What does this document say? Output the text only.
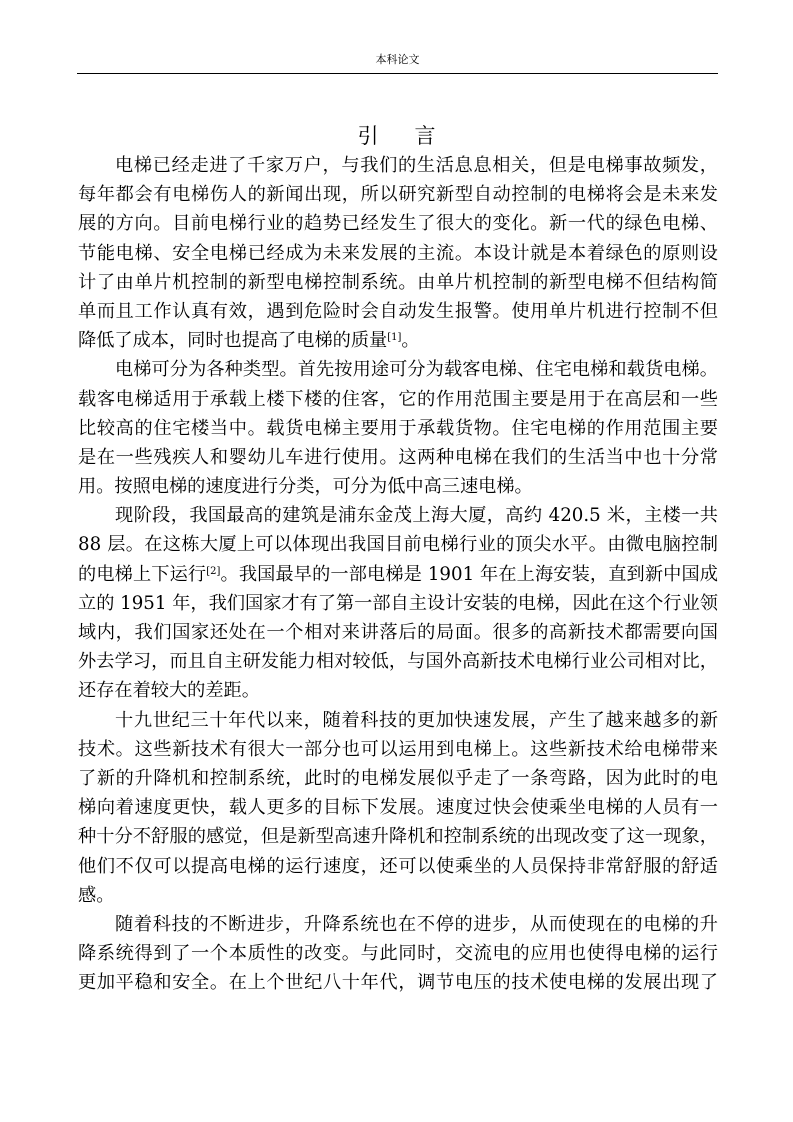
本科论文
引言
电梯已经走进了千家万户，与我们的生活息息相关，但是电梯事故频发，
每年都会有电梯伤人的新闻出现，所以研究新型自动控制的电梯将会是未来发
展的方向。目前电梯行业的趋势已经发生了很大的变化。新一代的绿色电梯、
节能电梯、安全电梯已经成为未来发展的主流。本设计就是本着绿色的原则设
计了由单片机控制的新型电梯控制系统。由单片机控制的新型电梯不但结构简
单而且工作认真有效，遇到危险时会自动发生报警。使用单片机进行控制不但
降低了成本，同时也提高了电梯的质量[1]。
电梯可分为各种类型。首先按用途可分为载客电梯、住宅电梯和载货电梯。
载客电梯适用于承载上楼下楼的住客，它的作用范围主要是用于在高层和一些
比较高的住宅楼当中。载货电梯主要用于承载货物。住宅电梯的作用范围主要
是在一些残疾人和婴幼儿车进行使用。这两种电梯在我们的生活当中也十分常
用。按照电梯的速度进行分类，可分为低中高三速电梯。
现阶段，我国最高的建筑是浦东金茂上海大厦，高约 420.5 米，主楼一共
88 层。在这栋大厦上可以体现出我国目前电梯行业的顶尖水平。由微电脑控制
的电梯上下运行[2]。我国最早的一部电梯是 1901 年在上海安装，直到新中国成
立的 1951 年，我们国家才有了第一部自主设计安装的电梯，因此在这个行业领
域内，我们国家还处在一个相对来讲落后的局面。很多的高新技术都需要向国
外去学习，而且自主研发能力相对较低，与国外高新技术电梯行业公司相对比，
还存在着较大的差距。
十九世纪三十年代以来，随着科技的更加快速发展，产生了越来越多的新
技术。这些新技术有很大一部分也可以运用到电梯上。这些新技术给电梯带来
了新的升降机和控制系统，此时的电梯发展似乎走了一条弯路，因为此时的电
梯向着速度更快，载人更多的目标下发展。速度过快会使乘坐电梯的人员有一
种十分不舒服的感觉，但是新型高速升降机和控制系统的出现改变了这一现象，
他们不仅可以提高电梯的运行速度，还可以使乘坐的人员保持非常舒服的舒适
感。
随着科技的不断进步，升降系统也在不停的进步，从而使现在的电梯的升
降系统得到了一个本质性的改变。与此同时，交流电的应用也使得电梯的运行
更加平稳和安全。在上个世纪八十年代，调节电压的技术使电梯的发展出现了
